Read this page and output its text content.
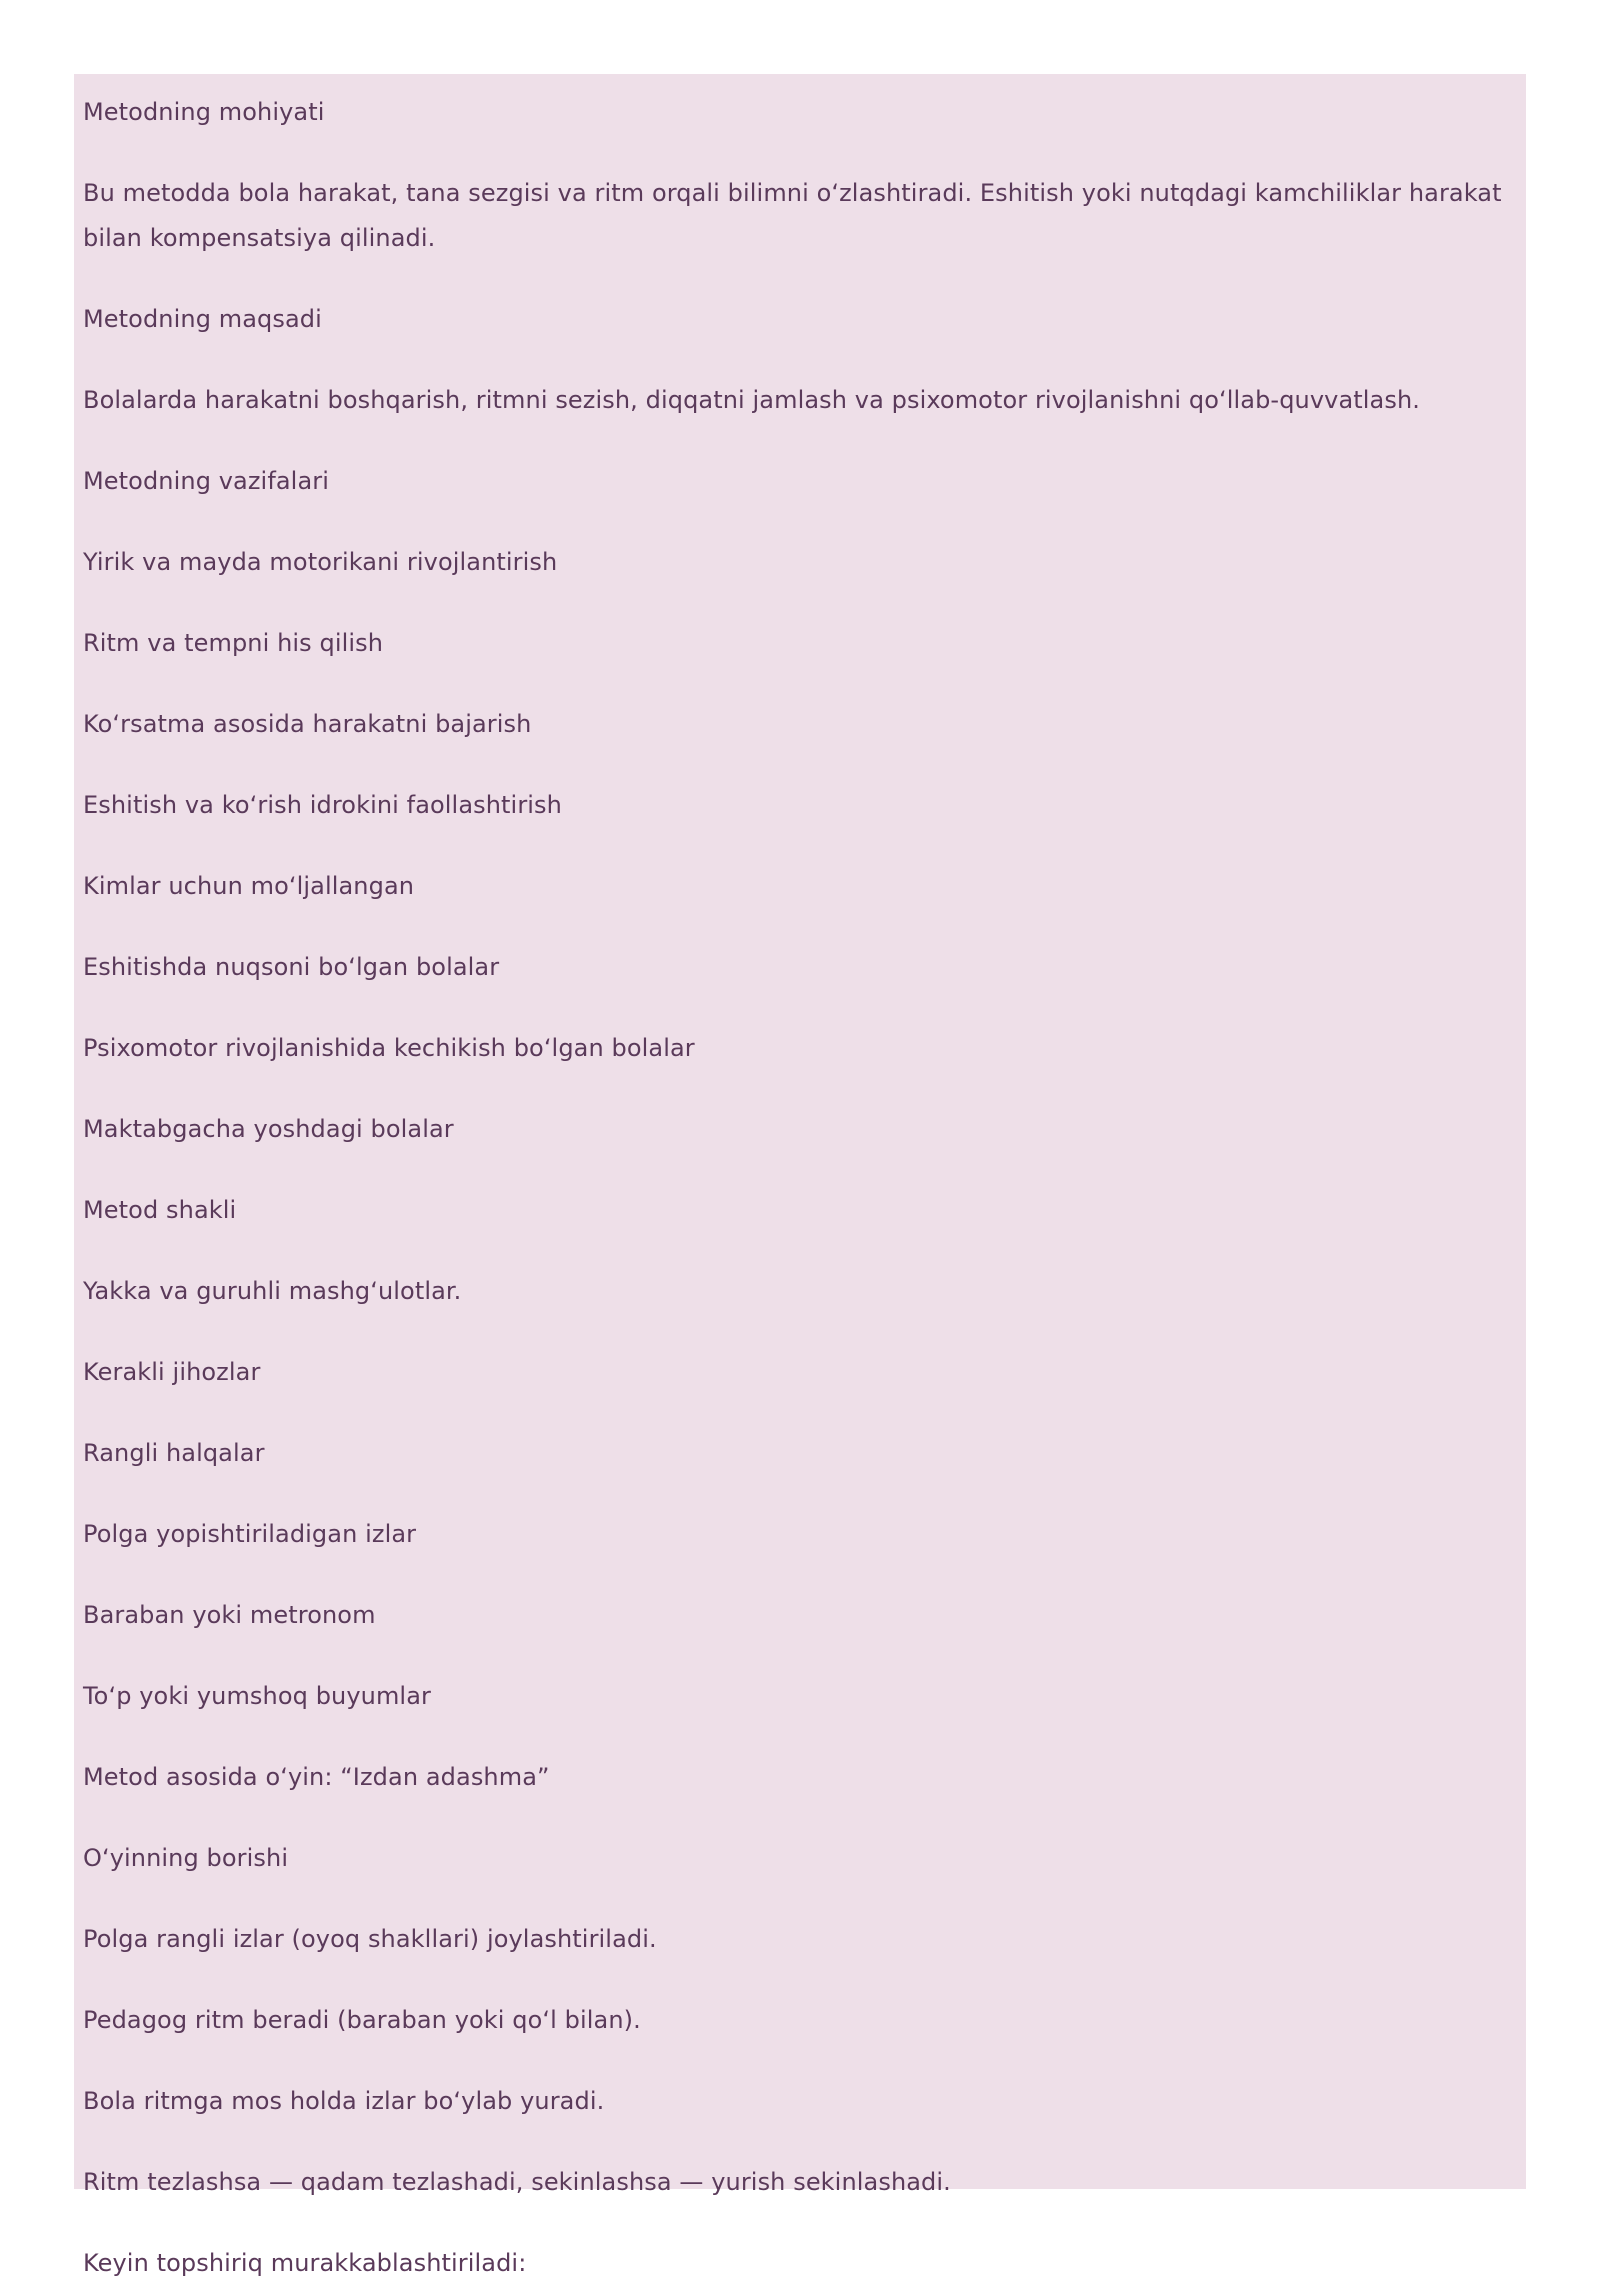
Metodning mohiyati

Bu metodda bola harakat, tana sezgisi va ritm orqali bilimni o‘zlashtiradi. Eshitish yoki nutqdagi kamchiliklar harakat bilan kompensatsiya qilinadi.

Metodning maqsadi

Bolalarda harakatni boshqarish, ritmni sezish, diqqatni jamlash va psixomotor rivojlanishni qo‘llab-quvvatlash.

Metodning vazifalari

Yirik va mayda motorikani rivojlantirish

Ritm va tempni his qilish

Ko‘rsatma asosida harakatni bajarish

Eshitish va ko‘rish idrokini faollashtirish

Kimlar uchun mo‘ljallangan

Eshitishda nuqsoni bo‘lgan bolalar

Psixomotor rivojlanishida kechikish bo‘lgan bolalar

Maktabgacha yoshdagi bolalar

Metod shakli

Yakka va guruhli mashg‘ulotlar.

Kerakli jihozlar

Rangli halqalar

Polga yopishtiriladigan izlar

Baraban yoki metronom

To‘p yoki yumshoq buyumlar

Metod asosida o‘yin: “Izdan adashma”

O‘yinning borishi

Polga rangli izlar (oyoq shakllari) joylashtiriladi.

Pedagog ritm beradi (baraban yoki qo‘l bilan).

Bola ritmga mos holda izlar bo‘ylab yuradi.

Ritm tezlashsa — qadam tezlashadi, sekinlashsa — yurish sekinlashadi.

Keyin topshiriq murakkablashtiriladi:
